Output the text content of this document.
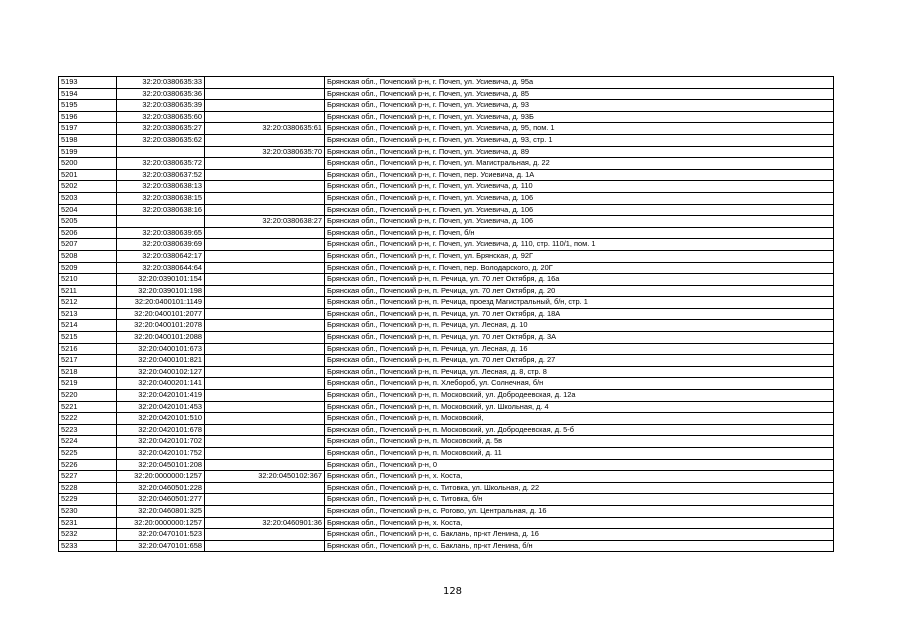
5193	32:20:0380635:33		Брянская обл., Почепский р-н, г. Почеп, ул. Усиевича, д. 95а
5194	32:20:0380635:36		Брянская обл., Почепский р-н, г. Почеп, ул. Усиевича, д. 85
5195	32:20:0380635:39		Брянская обл., Почепский р-н, г. Почеп, ул. Усиевича, д. 93
5196	32:20:0380635:60		Брянская обл., Почепский р-н, г. Почеп, ул. Усиевича, д. 93Б
5197	32:20:0380635:27	32:20:0380635:61	Брянская обл., Почепский р-н, г. Почеп, ул. Усиевича, д. 95, пом. 1
5198	32:20:0380635:62		Брянская обл., Почепский р-н, г. Почеп, ул. Усиевича, д. 93, стр. 1
5199		32:20:0380635:70	Брянская обл., Почепский р-н, г. Почеп, ул. Усиевича, д. 89
5200	32:20:0380635:72		Брянская обл., Почепский р-н, г. Почеп, ул. Магистральная, д. 22
5201	32:20:0380637:52		Брянская обл., Почепский р-н, г. Почеп, пер. Усиевича, д. 1А
5202	32:20:0380638:13		Брянская обл., Почепский р-н, г. Почеп, ул. Усиевича, д. 110
5203	32:20:0380638:15		Брянская обл., Почепский р-н, г. Почеп, ул. Усиевича, д. 106
5204	32:20:0380638:16		Брянская обл., Почепский р-н, г. Почеп, ул. Усиевича, д. 106
5205		32:20:0380638:27	Брянская обл., Почепский р-н, г. Почеп, ул. Усиевича, д. 106
5206	32:20:0380639:65		Брянская обл., Почепский р-н, г. Почеп, б/н
5207	32:20:0380639:69		Брянская обл., Почепский р-н, г. Почеп, ул. Усиевича, д. 110, стр. 110/1, пом. 1
5208	32:20:0380642:17		Брянская обл., Почепский р-н, г. Почеп, ул. Брянская, д. 92Г
5209	32:20:0380644:64		Брянская обл., Почепский р-н, г. Почеп, пер. Володарского, д. 20Г
5210	32:20:0390101:154		Брянская обл., Почепский р-н, п. Речица, ул. 70 лет Октября, д. 16а
5211	32:20:0390101:198		Брянская обл., Почепский р-н, п. Речица, ул. 70 лет Октября, д. 20
5212	32:20:0400101:1149		Брянская обл., Почепский р-н, п. Речица, проезд Магистральный, б/н, стр. 1
5213	32:20:0400101:2077		Брянская обл., Почепский р-н, п. Речица, ул. 70 лет Октября, д. 18А
5214	32:20:0400101:2078		Брянская обл., Почепский р-н, п. Речица, ул. Лесная, д. 10
5215	32:20:0400101:2088		Брянская обл., Почепский р-н, п. Речица, ул. 70 лет Октября, д. 3А
5216	32:20:0400101:673		Брянская обл., Почепский р-н, п. Речица, ул. Лесная, д. 16
5217	32:20:0400101:821		Брянская обл., Почепский р-н, п. Речица, ул. 70 лет Октября, д. 27
5218	32:20:0400102:127		Брянская обл., Почепский р-н, п. Речица, ул. Лесная, д. 8, стр. 8
5219	32:20:0400201:141		Брянская обл., Почепский р-н, п. Хлебороб, ул. Солнечная, б/н
5220	32:20:0420101:419		Брянская обл., Почепский р-н, п. Московский, ул. Добродеевская, д. 12а
5221	32:20:0420101:453		Брянская обл., Почепский р-н, п. Московский, ул. Школьная, д. 4
5222	32:20:0420101:510		Брянская обл., Почепский р-н, п. Московский,
5223	32:20:0420101:678		Брянская обл., Почепский р-н, п. Московский, ул. Добродеевская, д. 5-б
5224	32:20:0420101:702		Брянская обл., Почепский р-н, п. Московский, д. 5в
5225	32:20:0420101:752		Брянская обл., Почепский р-н, п. Московский, д. 11
5226	32:20:0450101:208		Брянская обл., Почепский р-н, 0
5227	32:20:0000000:1257	32:20:0450102:367	Брянская обл., Почепский р-н, х. Коста,
5228	32:20:0460501:228		Брянская обл., Почепский р-н, с. Титовка, ул. Школьная, д. 22
5229	32:20:0460501:277		Брянская обл., Почепский р-н, с. Титовка, б/н
5230	32:20:0460801:325		Брянская обл., Почепский р-н, с. Рогово, ул. Центральная, д. 16
5231	32:20:0000000:1257	32:20:0460901:36	Брянская обл., Почепский р-н, х. Коста,
5232	32:20:0470101:523		Брянская обл., Почепский р-н, с. Баклань, пр-кт Ленина, д. 16
5233	32:20:0470101:658		Брянская обл., Почепский р-н, с. Баклань, пр-кт Ленина, б/н
128
